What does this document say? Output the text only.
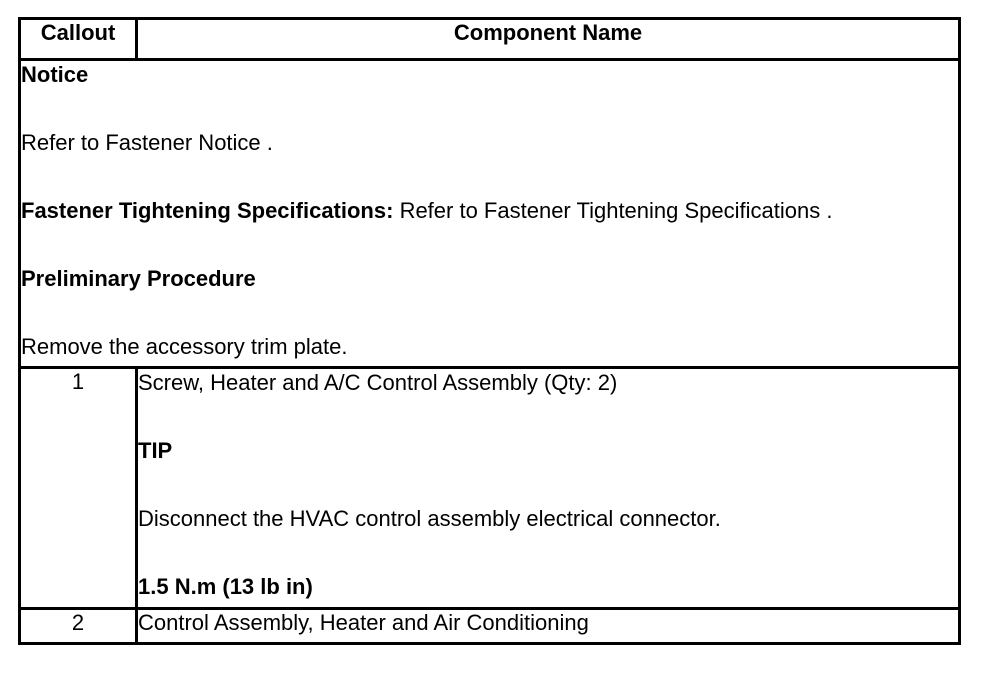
Callout	Component Name

Notice
Refer to Fastener Notice .
Fastener Tightening Specifications: Refer to Fastener Tightening Specifications .
Preliminary Procedure
Remove the accessory trim plate.	

1	Screw, Heater and A/C Control Assembly (Qty: 2)
TIP
Disconnect the HVAC control assembly electrical connector.
1.5 N.m (13 lb in)

2	Control Assembly, Heater and Air Conditioning
